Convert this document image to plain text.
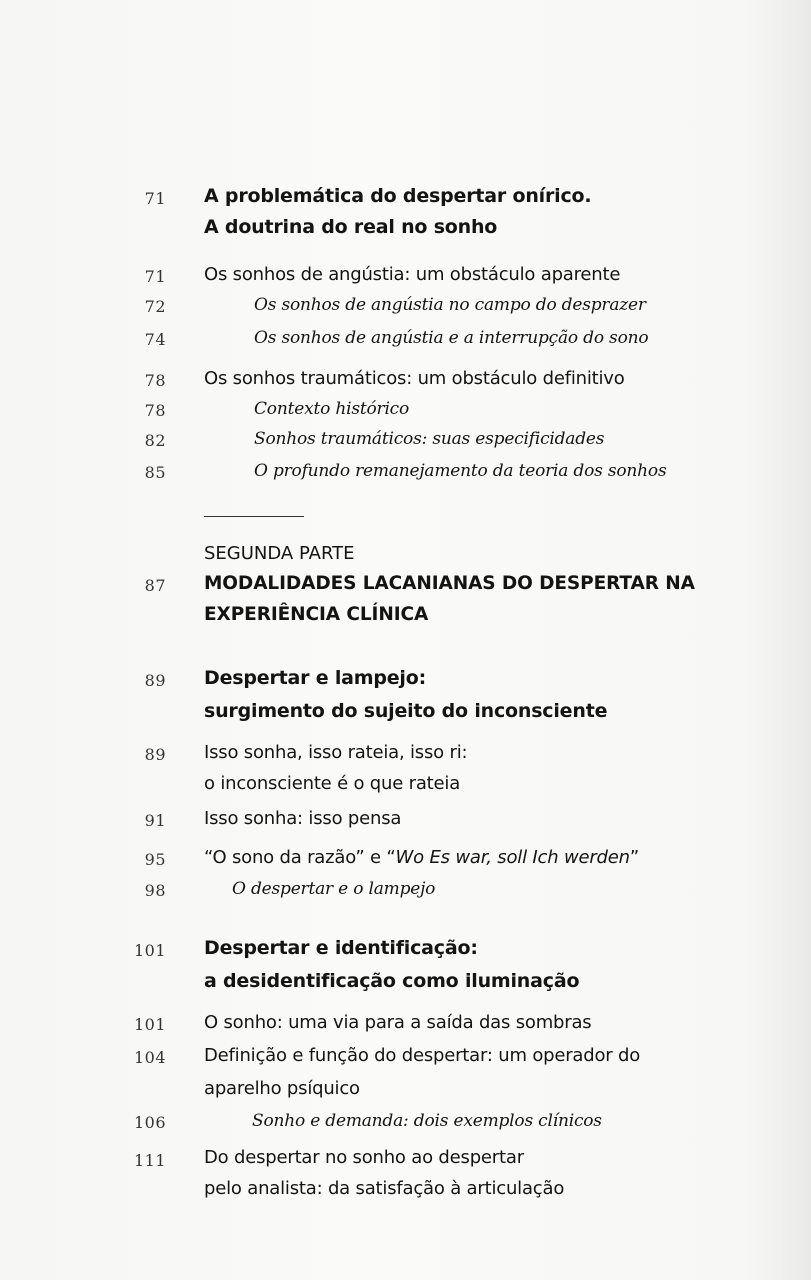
71 A problemática do despertar onírico.
A doutrina do real no sonho
71 Os sonhos de angústia: um obstáculo aparente
72	Os sonhos de angústia no campo do desprazer
74	Os sonhos de angústia e a interrupção do sono
78 Os sonhos traumáticos: um obstáculo definitivo
78	Contexto histórico
82	Sonhos traumáticos: suas especificidades
85	O profundo remanejamento da teoria dos sonhos
SEGUNDA PARTE
87 MODALIDADES LACANIANAS DO DESPERTAR NA
EXPERIÊNCIA CLÍNICA
89 Despertar e lampejo:
surgimento do sujeito do inconsciente
89 Isso sonha, isso rateia, isso ri:
o inconsciente é o que rateia
91 Isso sonha: isso pensa
95 “O sono da razão” e “Wo Es war, soll Ich werden”
98	O despertar e o lampejo
101 Despertar e identificação:
a desidentificação como iluminação
101 O sonho: uma via para a saída das sombras
104 Definição e função do despertar: um operador do
aparelho psíquico
106	Sonho e demanda: dois exemplos clínicos
111 Do despertar no sonho ao despertar
pelo analista: da satisfação à articulação
